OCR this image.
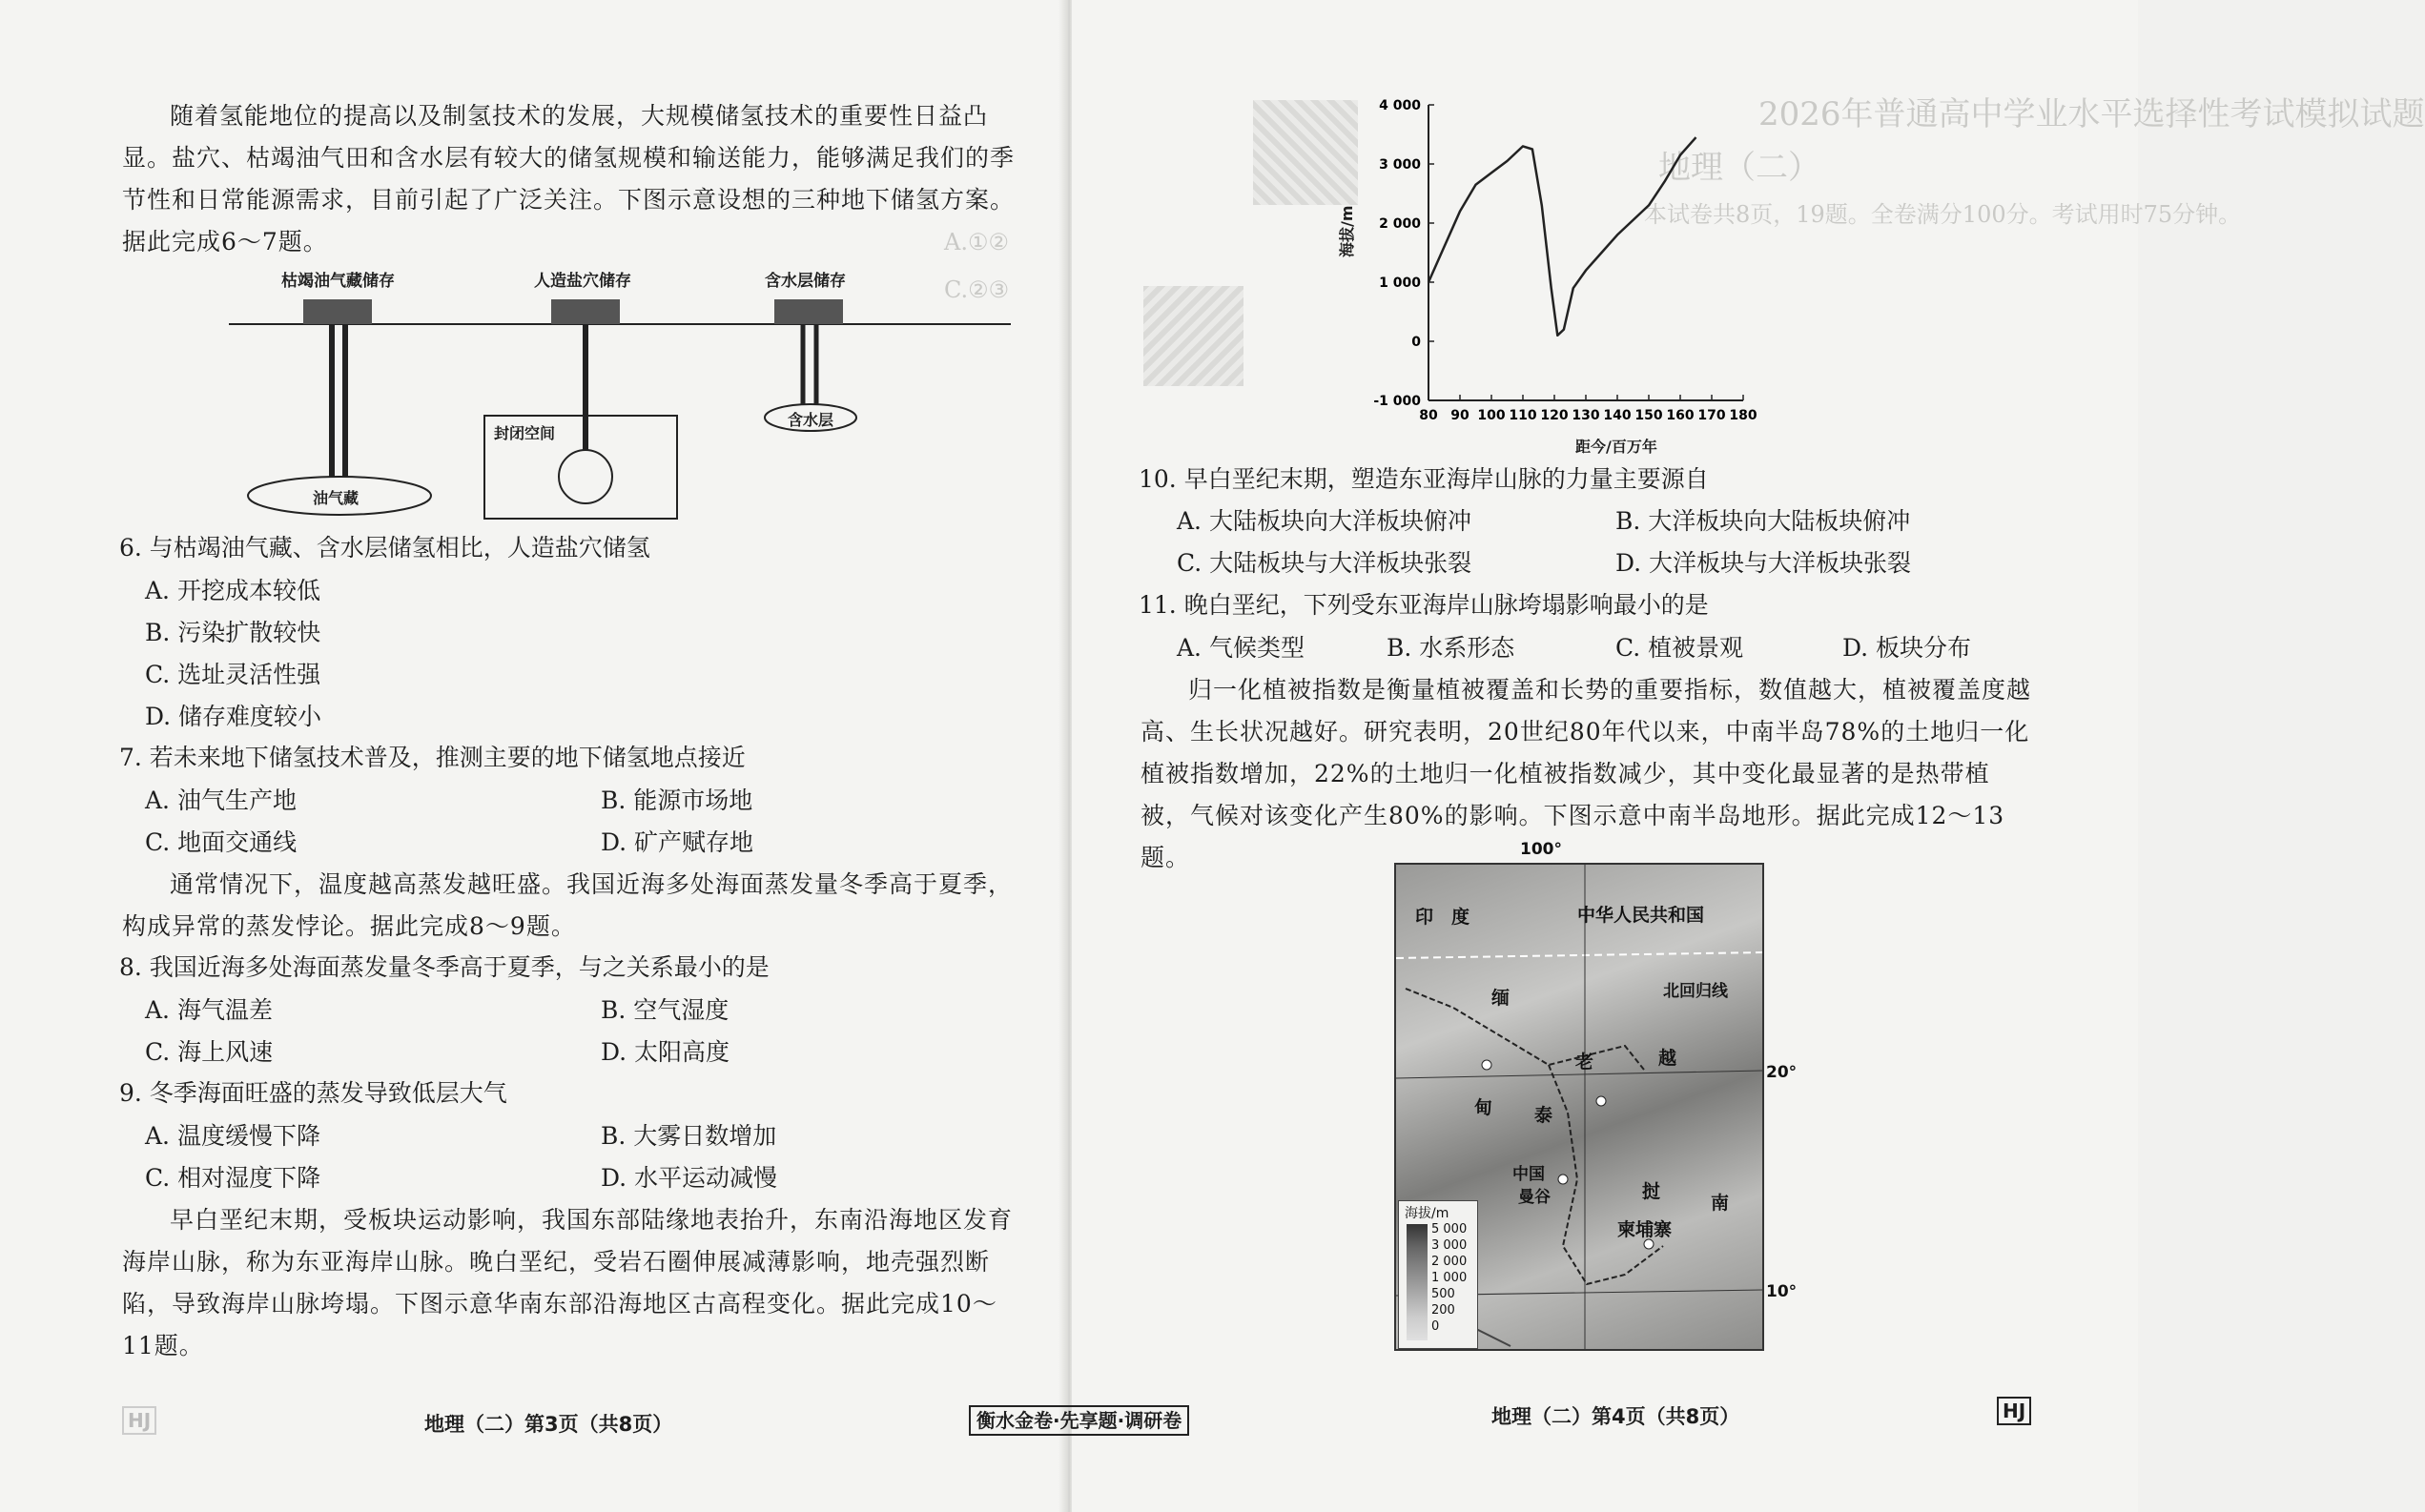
A.①②
C.②③
随着氢能地位的提高以及制氢技术的发展，大规模储氢技术的重要性日益凸显。盐穴、枯竭油气田和含水层有较大的储氢规模和输送能力，能够满足我们的季节性和日常能源需求，目前引起了广泛关注。下图示意设想的三种地下储氢方案。据此完成6～7题。
枯竭油气藏储存	人造盐穴储存	含水层储存
油气藏
封闭空间
含水层
6. 与枯竭油气藏、含水层储氢相比，人造盐穴储氢
A. 开挖成本较低
B. 污染扩散较快
C. 选址灵活性强
D. 储存难度较小
7. 若未来地下储氢技术普及，推测主要的地下储氢地点接近
A. 油气生产地	B. 能源市场地
C. 地面交通线	D. 矿产赋存地
通常情况下，温度越高蒸发越旺盛。我国近海多处海面蒸发量冬季高于夏季，构成异常的蒸发悖论。据此完成8～9题。
8. 我国近海多处海面蒸发量冬季高于夏季，与之关系最小的是
A. 海气温差	B. 空气湿度
C. 海上风速	D. 太阳高度
9. 冬季海面旺盛的蒸发导致低层大气
A. 温度缓慢下降	B. 大雾日数增加
C. 相对湿度下降	D. 水平运动减慢
早白垩纪末期，受板块运动影响，我国东部陆缘地表抬升，东南沿海地区发育海岸山脉，称为东亚海岸山脉。晚白垩纪，受岩石圈伸展减薄影响，地壳强烈断陷，导致海岸山脉垮塌。下图示意华南东部沿海地区古高程变化。据此完成10～11题。
HJ	地理（二）第3页（共8页）
2026年普通高中学业水平选择性考试模拟试题
地理（二）
本试卷共8页，19题。全卷满分100分。考试用时75分钟。
4 000
3 000
2 000
1 000
0
-1 000
80 90 100 110 120 130 140 150 160 170 180
距今/百万年
海拔/m
10. 早白垩纪末期，塑造东亚海岸山脉的力量主要源自
A. 大陆板块向大洋板块俯冲	B. 大洋板块向大陆板块俯冲
C. 大陆板块与大洋板块张裂	D. 大洋板块与大洋板块张裂
11. 晚白垩纪，下列受东亚海岸山脉垮塌影响最小的是
A. 气候类型	B. 水系形态	C. 植被景观	D. 板块分布
归一化植被指数是衡量植被覆盖和长势的重要指标，数值越大，植被覆盖度越高、生长状况越好。研究表明，20世纪80年代以来，中南半岛78%的土地归一化植被指数增加，22%的土地归一化植被指数减少，其中变化最显著的是热带植被，气候对该变化产生80%的影响。下图示意中南半岛地形。据此完成12～13题。
HJ
地理（二）第4页（共8页）
100°
20°
10°
印　度	中华人民共和国
北回归线
缅
甸
老
挝
越
南
泰
中国
曼谷
柬埔寨
海拔/m
5 000
3 000
2 000
1 000
500
200
0
衡水金卷·先享题·调研卷
